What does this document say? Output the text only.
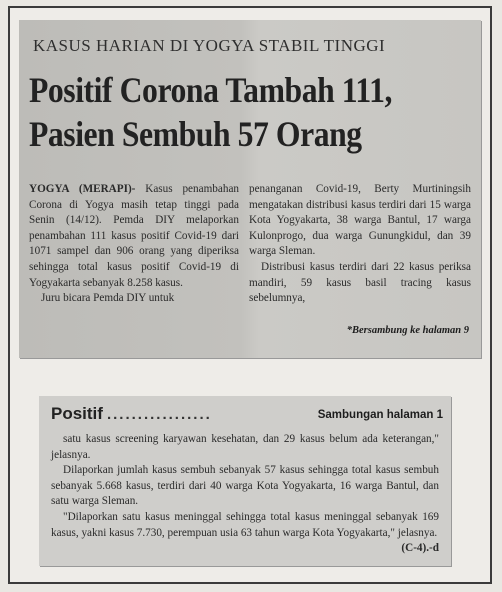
KASUS HARIAN DI YOGYA STABIL TINGGI
Positif Corona Tambah 111,
Pasien Sembuh 57 Orang

YOGYA (MERAPI)- Kasus penambahan Corona di Yogya masih tetap tinggi pada Senin (14/12). Pemda DIY melaporkan penambahan 111 kasus positif Covid-19 dari 1071 sampel dan 906 orang yang diperiksa sehingga total kasus positif Covid-19 di Yogyakarta sebanyak 8.258 kasus.

Juru bicara Pemda DIY untuk

penanganan Covid-19, Berty Murtiningsih mengatakan distribusi kasus terdiri dari 15 warga Kota Yogyakarta, 38 warga Bantul, 17 warga Kulonprogo, dua warga Gunungkidul, dan 39 warga Sleman.

Distribusi kasus terdiri dari 22 kasus periksa mandiri, 59 kasus basil tracing kasus sebelumnya,

*Bersambung ke halaman 9
Positif .................	Sambungan halaman 1

satu kasus screening karyawan kesehatan, dan 29 kasus belum ada keterangan," jelasnya.

Dilaporkan jumlah kasus sembuh sebanyak 57 kasus sehingga total kasus sembuh sebanyak 5.668 kasus, terdiri dari 40 warga Kota Yogyakarta, 16 warga Bantul, dan satu warga Sleman.

"Dilaporkan satu kasus meninggal sehingga total kasus meninggal sebanyak 169 kasus, yakni kasus 7.730, perempuan usia 63 tahun warga Kota Yogyakarta," jelasnya.
(C-4).-d
